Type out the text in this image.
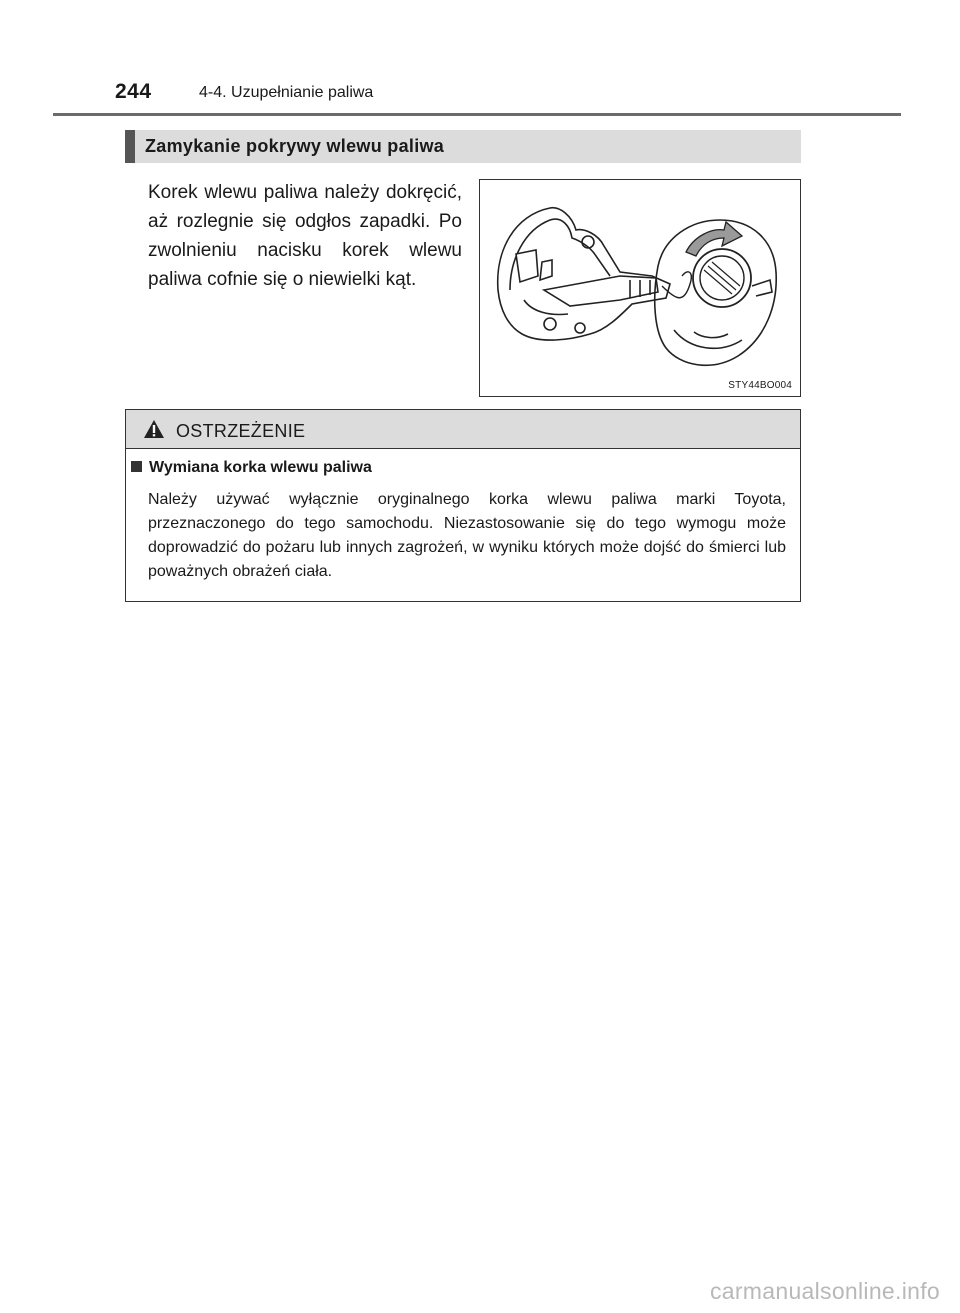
244	4-4. Uzupełnianie paliwa
Zamykanie pokrywy wlewu paliwa
Korek wlewu paliwa należy dokręcić, aż rozlegnie się odgłos zapadki. Po zwolnieniu nacisku korek wlewu paliwa cofnie się o niewielki kąt.
STY44BO004
OSTRZEŻENIE
Wymiana korka wlewu paliwa
Należy używać wyłącznie oryginalnego korka wlewu paliwa marki Toyota, przeznaczonego do tego samochodu. Niezastosowanie się do tego wymogu może doprowadzić do pożaru lub innych zagrożeń, w wyniku których może dojść do śmierci lub poważnych obrażeń ciała.
carmanualsonline.info
